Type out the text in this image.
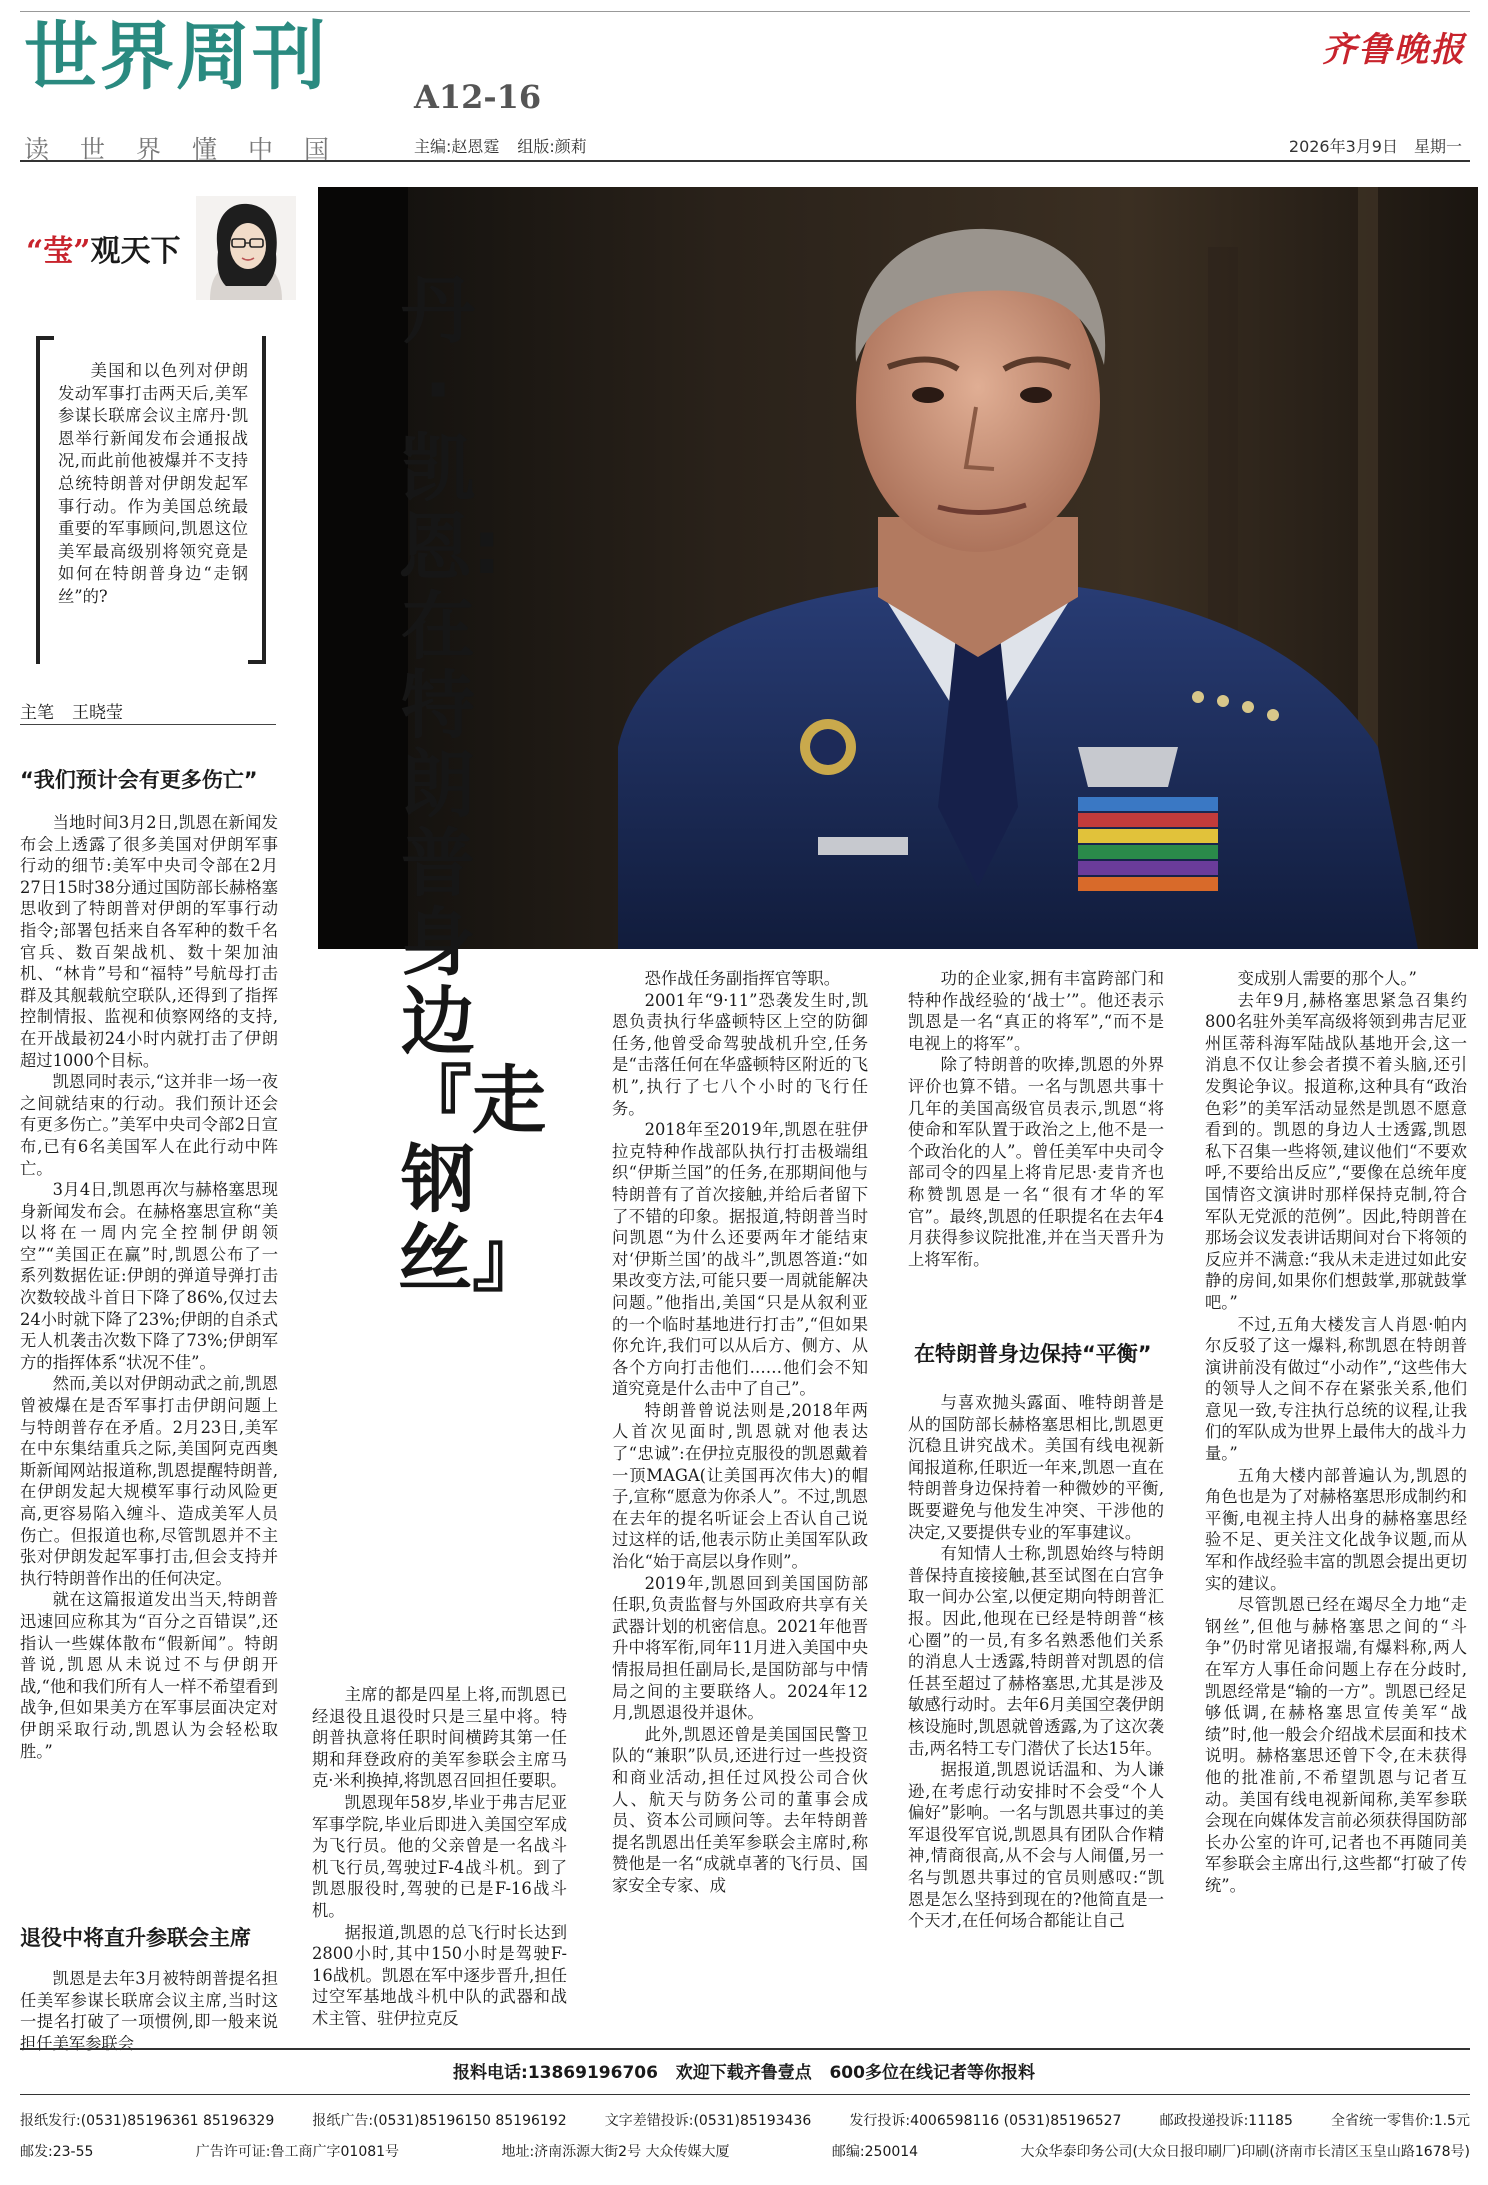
世界周刊
读世界懂中国
A12-16
主编:赵恩霆 组版:颜莉
齐鲁晚报
2026年3月9日 星期一
“莹”观天下
美国和以色列对伊朗发动军事打击两天后,美军参谋长联席会议主席丹·凯恩举行新闻发布会通报战况,而此前他被爆并不支持总统特朗普对伊朗发起军事行动。作为美国总统最重要的军事顾问,凯恩这位美军最高级别将领究竟是如何在特朗普身边“走钢丝”的?
主笔 王晓莹
“我们预计会有更多伤亡”

当地时间3月2日,凯恩在新闻发布会上透露了很多美国对伊朗军事行动的细节:美军中央司令部在2月27日15时38分通过国防部长赫格塞思收到了特朗普对伊朗的军事行动指令;部署包括来自各军种的数千名官兵、数百架战机、数十架加油机、“林肯”号和“福特”号航母打击群及其舰载航空联队,还得到了指挥控制情报、监视和侦察网络的支持,在开战最初24小时内就打击了伊朗超过1000个目标。

凯恩同时表示,“这并非一场一夜之间就结束的行动。我们预计还会有更多伤亡。”美军中央司令部2日宣布,已有6名美国军人在此行动中阵亡。

3月4日,凯恩再次与赫格塞思现身新闻发布会。在赫格塞思宣称“美以将在一周内完全控制伊朗领空”“美国正在赢”时,凯恩公布了一系列数据佐证:伊朗的弹道导弹打击次数较战斗首日下降了86%,仅过去24小时就下降了23%;伊朗的自杀式无人机袭击次数下降了73%;伊朗军方的指挥体系“状况不佳”。

然而,美以对伊朗动武之前,凯恩曾被爆在是否军事打击伊朗问题上与特朗普存在矛盾。2月23日,美军在中东集结重兵之际,美国阿克西奥斯新闻网站报道称,凯恩提醒特朗普,在伊朗发起大规模军事行动风险更高,更容易陷入缠斗、造成美军人员伤亡。但报道也称,尽管凯恩并不主张对伊朗发起军事打击,但会支持并执行特朗普作出的任何决定。

就在这篇报道发出当天,特朗普迅速回应称其为“百分之百错误”,还指认一些媒体散布“假新闻”。特朗普说,凯恩从未说过不与伊朗开战,“他和我们所有人一样不希望看到战争,但如果美方在军事层面决定对伊朗采取行动,凯恩认为会轻松取胜。”

退役中将直升参联会主席

凯恩是去年3月被特朗普提名担任美军参谋长联席会议主席,当时这一提名打破了一项惯例,即一般来说担任美军参联会

丹·凯恩:在特朗普身边『走钢丝』

主席的都是四星上将,而凯恩已经退役且退役时只是三星中将。特朗普执意将任职时间横跨其第一任期和拜登政府的美军参联会主席马克·米利换掉,将凯恩召回担任要职。

凯恩现年58岁,毕业于弗吉尼亚军事学院,毕业后即进入美国空军成为飞行员。他的父亲曾是一名战斗机飞行员,驾驶过F-4战斗机。到了凯恩服役时,驾驶的已是F-16战斗机。

据报道,凯恩的总飞行时长达到2800小时,其中150小时是驾驶F-16战机。凯恩在军中逐步晋升,担任过空军基地战斗机中队的武器和战术主管、驻伊拉克反

恐作战任务副指挥官等职。

2001年“9·11”恐袭发生时,凯恩负责执行华盛顿特区上空的防御任务,他曾受命驾驶战机升空,任务是“击落任何在华盛顿特区附近的飞机”,执行了七八个小时的飞行任务。

2018年至2019年,凯恩在驻伊拉克特种作战部队执行打击极端组织“伊斯兰国”的任务,在那期间他与特朗普有了首次接触,并给后者留下了不错的印象。据报道,特朗普当时问凯恩“为什么还要两年才能结束对‘伊斯兰国’的战斗”,凯恩答道:“如果改变方法,可能只要一周就能解决问题。”他指出,美国“只是从叙利亚的一个临时基地进行打击”,“但如果你允许,我们可以从后方、侧方、从各个方向打击他们……他们会不知道究竟是什么击中了自己”。

特朗普曾说法则是,2018年两人首次见面时,凯恩就对他表达了“忠诚”:在伊拉克服役的凯恩戴着一顶MAGA(让美国再次伟大)的帽子,宣称“愿意为你杀人”。不过,凯恩在去年的提名听证会上否认自己说过这样的话,他表示防止美国军队政治化“始于高层以身作则”。

2019年,凯恩回到美国国防部任职,负责监督与外国政府共享有关武器计划的机密信息。2021年他晋升中将军衔,同年11月进入美国中央情报局担任副局长,是国防部与中情局之间的主要联络人。2024年12月,凯恩退役并退休。

此外,凯恩还曾是美国国民警卫队的“兼职”队员,还进行过一些投资和商业活动,担任过风投公司合伙人、航天与防务公司的董事会成员、资本公司顾问等。去年特朗普提名凯恩出任美军参联会主席时,称赞他是一名“成就卓著的飞行员、国家安全专家、成

功的企业家,拥有丰富跨部门和特种作战经验的‘战士’”。他还表示凯恩是一名“真正的将军”,“而不是电视上的将军”。

除了特朗普的吹捧,凯恩的外界评价也算不错。一名与凯恩共事十几年的美国高级官员表示,凯恩“将使命和军队置于政治之上,他不是一个政治化的人”。曾任美军中央司令部司令的四星上将肯尼思·麦肯齐也称赞凯恩是一名“很有才华的军官”。最终,凯恩的任职提名在去年4月获得参议院批准,并在当天晋升为上将军衔。

在特朗普身边保持“平衡”

与喜欢抛头露面、唯特朗普是从的国防部长赫格塞思相比,凯恩更沉稳且讲究战术。美国有线电视新闻报道称,任职近一年来,凯恩一直在特朗普身边保持着一种微妙的平衡,既要避免与他发生冲突、干涉他的决定,又要提供专业的军事建议。

有知情人士称,凯恩始终与特朗普保持直接接触,甚至试图在白宫争取一间办公室,以便定期向特朗普汇报。因此,他现在已经是特朗普“核心圈”的一员,有多名熟悉他们关系的消息人士透露,特朗普对凯恩的信任甚至超过了赫格塞思,尤其是涉及敏感行动时。去年6月美国空袭伊朗核设施时,凯恩就曾透露,为了这次袭击,两名特工专门潜伏了长达15年。

据报道,凯恩说话温和、为人谦逊,在考虑行动安排时不会受“个人偏好”影响。一名与凯恩共事过的美军退役军官说,凯恩具有团队合作精神,情商很高,从不会与人闹僵,另一名与凯恩共事过的官员则感叹:“凯恩是怎么坚持到现在的?他简直是一个天才,在任何场合都能让自己

变成别人需要的那个人。”

去年9月,赫格塞思紧急召集约800名驻外美军高级将领到弗吉尼亚州匡蒂科海军陆战队基地开会,这一消息不仅让参会者摸不着头脑,还引发舆论争议。报道称,这种具有“政治色彩”的美军活动显然是凯恩不愿意看到的。凯恩的身边人士透露,凯恩私下召集一些将领,建议他们“不要欢呼,不要给出反应”,“要像在总统年度国情咨文演讲时那样保持克制,符合军队无党派的范例”。因此,特朗普在那场会议发表讲话期间对台下将领的反应并不满意:“我从未走进过如此安静的房间,如果你们想鼓掌,那就鼓掌吧。”

不过,五角大楼发言人肖恩·帕内尔反驳了这一爆料,称凯恩在特朗普演讲前没有做过“小动作”,“这些伟大的领导人之间不存在紧张关系,他们意见一致,专注执行总统的议程,让我们的军队成为世界上最伟大的战斗力量。”

五角大楼内部普遍认为,凯恩的角色也是为了对赫格塞思形成制约和平衡,电视主持人出身的赫格塞思经验不足、更关注文化战争议题,而从军和作战经验丰富的凯恩会提出更切实的建议。

尽管凯恩已经在竭尽全力地“走钢丝”,但他与赫格塞思之间的“斗争”仍时常见诸报端,有爆料称,两人在军方人事任命问题上存在分歧时,凯恩经常是“输的一方”。凯恩已经足够低调,在赫格塞思宣传美军“战绩”时,他一般会介绍战术层面和技术说明。赫格塞思还曾下令,在未获得他的批准前,不希望凯恩与记者互动。美国有线电视新闻称,美军参联会现在向媒体发言前必须获得国防部长办公室的许可,记者也不再随同美军参联会主席出行,这些都“打破了传统”。

报料电话:13869196706 欢迎下载齐鲁壹点 600多位在线记者等你报料
报纸发行:(0531)85196361 85196329	报纸广告:(0531)85196150 85196192	文字差错投诉:(0531)85193436	发行投诉:4006598116 (0531)85196527	邮政投递投诉:11185	全省统一零售价:1.5元
邮发:23-55	广告许可证:鲁工商广字01081号	地址:济南泺源大街2号 大众传媒大厦	邮编:250014	大众华泰印务公司(大众日报印刷厂)印刷(济南市长清区玉皇山路1678号)
